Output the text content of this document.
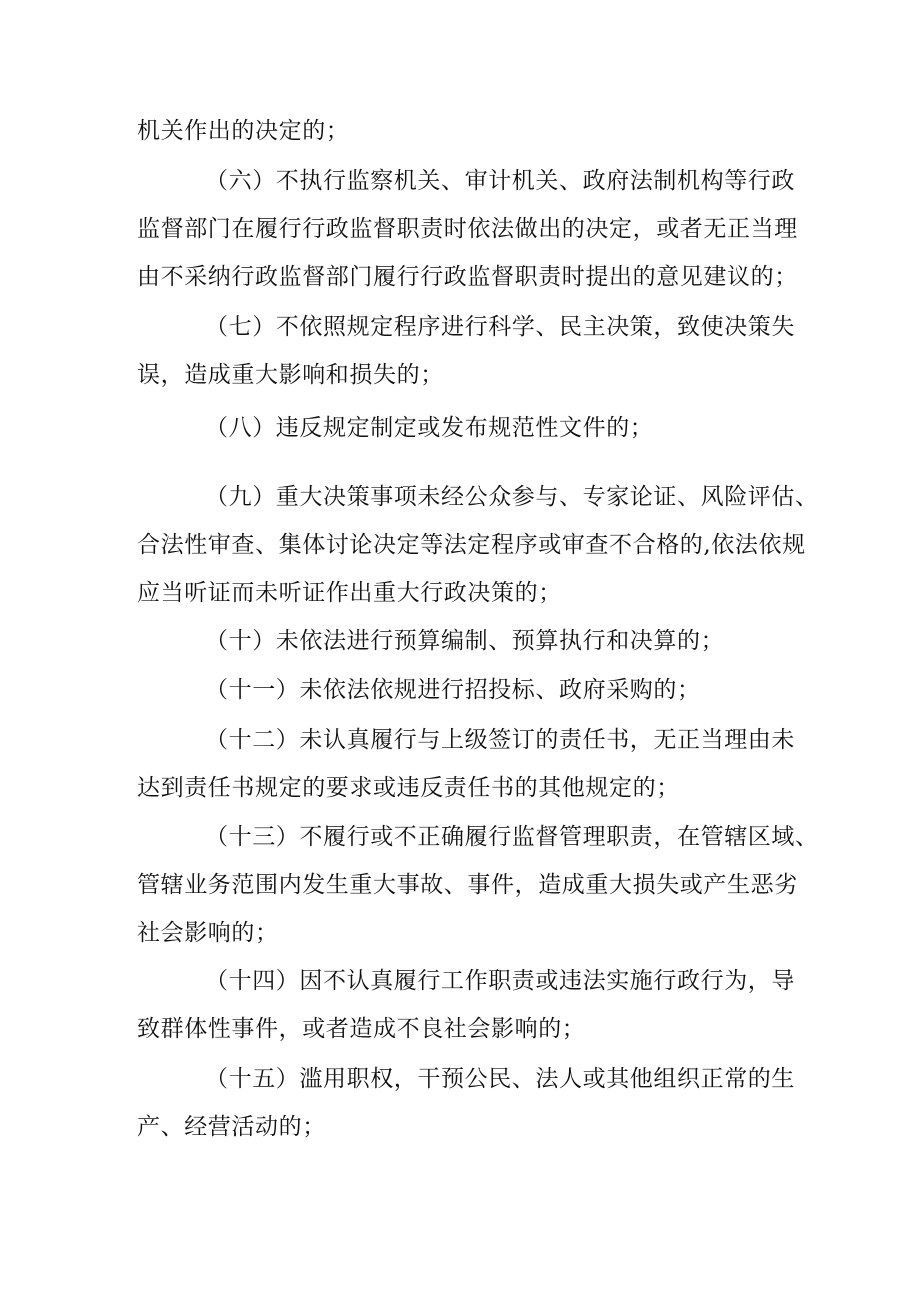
机关作出的决定的；
（六）不执行监察机关、审计机关、政府法制机构等行政
监督部门在履行行政监督职责时依法做出的决定，或者无正当理
由不采纳行政监督部门履行行政监督职责时提出的意见建议的；
（七）不依照规定程序进行科学、民主决策，致使决策失
误，造成重大影响和损失的；
（八）违反规定制定或发布规范性文件的；
（九）重大决策事项未经公众参与、专家论证、风险评估、
合法性审查、集体讨论决定等法定程序或审查不合格的,依法依规
应当听证而未听证作出重大行政决策的；
（十）未依法进行预算编制、预算执行和决算的；
（十一）未依法依规进行招投标、政府采购的；
（十二）未认真履行与上级签订的责任书，无正当理由未
达到责任书规定的要求或违反责任书的其他规定的；
（十三）不履行或不正确履行监督管理职责，在管辖区域、
管辖业务范围内发生重大事故、事件，造成重大损失或产生恶劣
社会影响的；
（十四）因不认真履行工作职责或违法实施行政行为，导
致群体性事件，或者造成不良社会影响的；
（十五）滥用职权，干预公民、法人或其他组织正常的生
产、经营活动的；
